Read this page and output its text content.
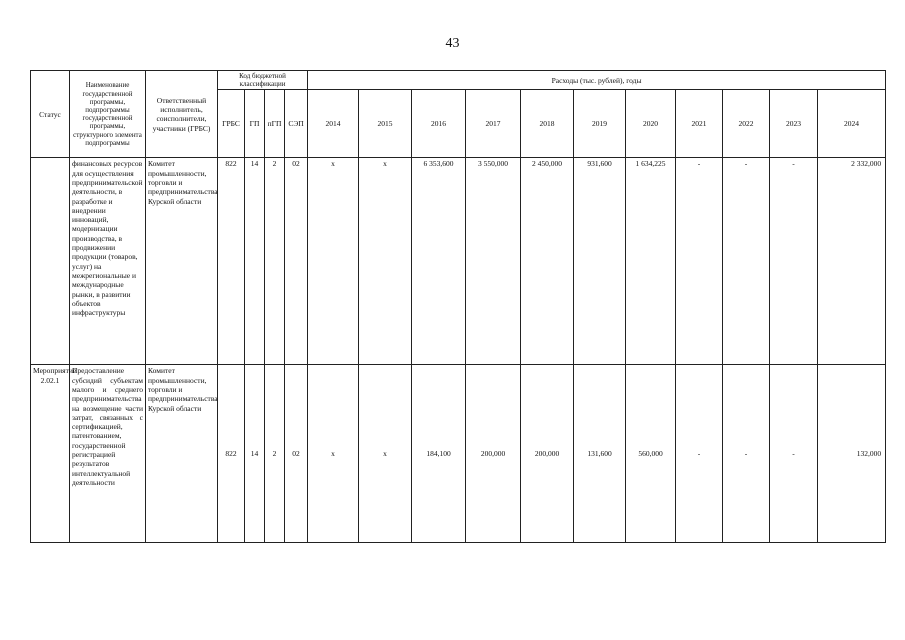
43
Статус	Наименование государственной программы, подпрограммы государственной программы, структурного элемента подпрограммы	Ответственный исполнитель, соисполнители, участники (ГРБС)	Код бюджетной классификации				Расходы (тыс. рублей), годы										
			ГРБС	ГП	пГП	СЭП	2014	2015	2016	2017	2018	2019	2020	2021	2022	2023	2024
	финансовых ресурсов для осуществления предпринимательской деятельности, в разработке и внедрении инноваций, модернизации производства, в продвижении продукции (товаров, услуг) на межрегиональные и международные рынки, в развитии объектов инфраструктуры	Комитет промышленности, торговли и предпринимательства Курской области	822	14	2	02	x	x	6 353,600	3 550,000	2 450,000	931,600	1 634,225	-	-	-	2 332,000
Мероприятие 2.02.1	Предоставление субсидий субъектам малого и среднего предпринимательства на возмещение части затрат, связанных с сертификацией, патентованием, государственной регистрацией результатов интеллектуальной деятельности	Комитет промышленности, торговли и предпринимательства Курской области	822	14	2	02	x	x	184,100	200,000	200,000	131,600	560,000	-	-	-	132,000
